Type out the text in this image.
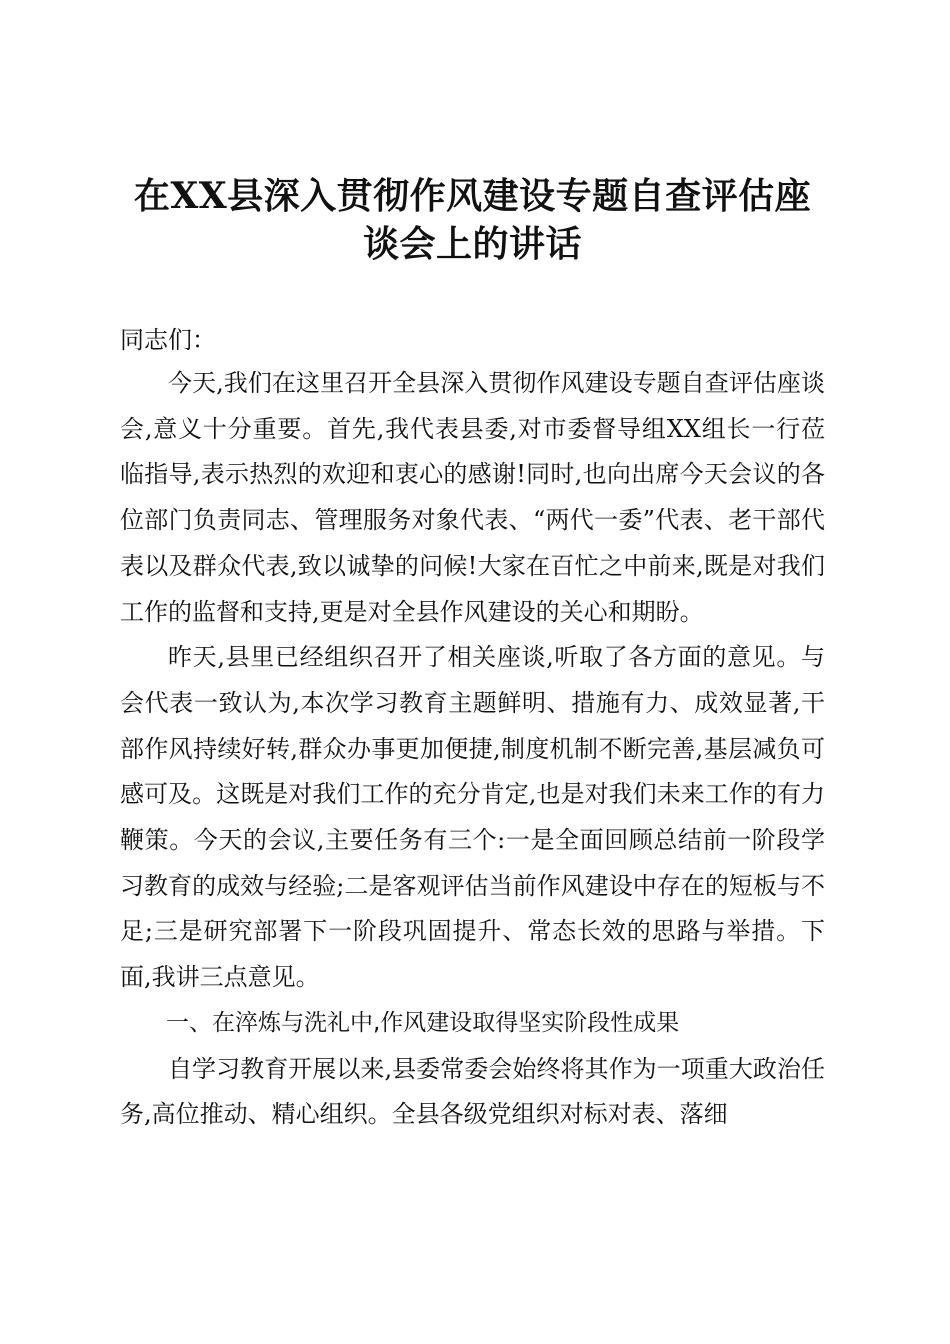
在XX县深入贯彻作风建设专题自查评估座谈会上的讲话

同志们：

今天,我们在这里召开全县深入贯彻作风建设专题自查评估座谈会,意义十分重要。首先,我代表县委,对市委督导组XX组长一行莅临指导,表示热烈的欢迎和衷心的感谢!同时,也向出席今天会议的各位部门负责同志、管理服务对象代表、“两代一委”代表、老干部代表以及群众代表,致以诚挚的问候!大家在百忙之中前来,既是对我们工作的监督和支持,更是对全县作风建设的关心和期盼。

昨天,县里已经组织召开了相关座谈,听取了各方面的意见。与会代表一致认为,本次学习教育主题鲜明、措施有力、成效显著,干部作风持续好转,群众办事更加便捷,制度机制不断完善,基层减负可感可及。这既是对我们工作的充分肯定,也是对我们未来工作的有力鞭策。今天的会议,主要任务有三个:一是全面回顾总结前一阶段学习教育的成效与经验;二是客观评估当前作风建设中存在的短板与不足;三是研究部署下一阶段巩固提升、常态长效的思路与举措。下面,我讲三点意见。

一、在淬炼与洗礼中,作风建设取得坚实阶段性成果

自学习教育开展以来,县委常委会始终将其作为一项重大政治任务,高位推动、精心组织。全县各级党组织对标对表、落细
